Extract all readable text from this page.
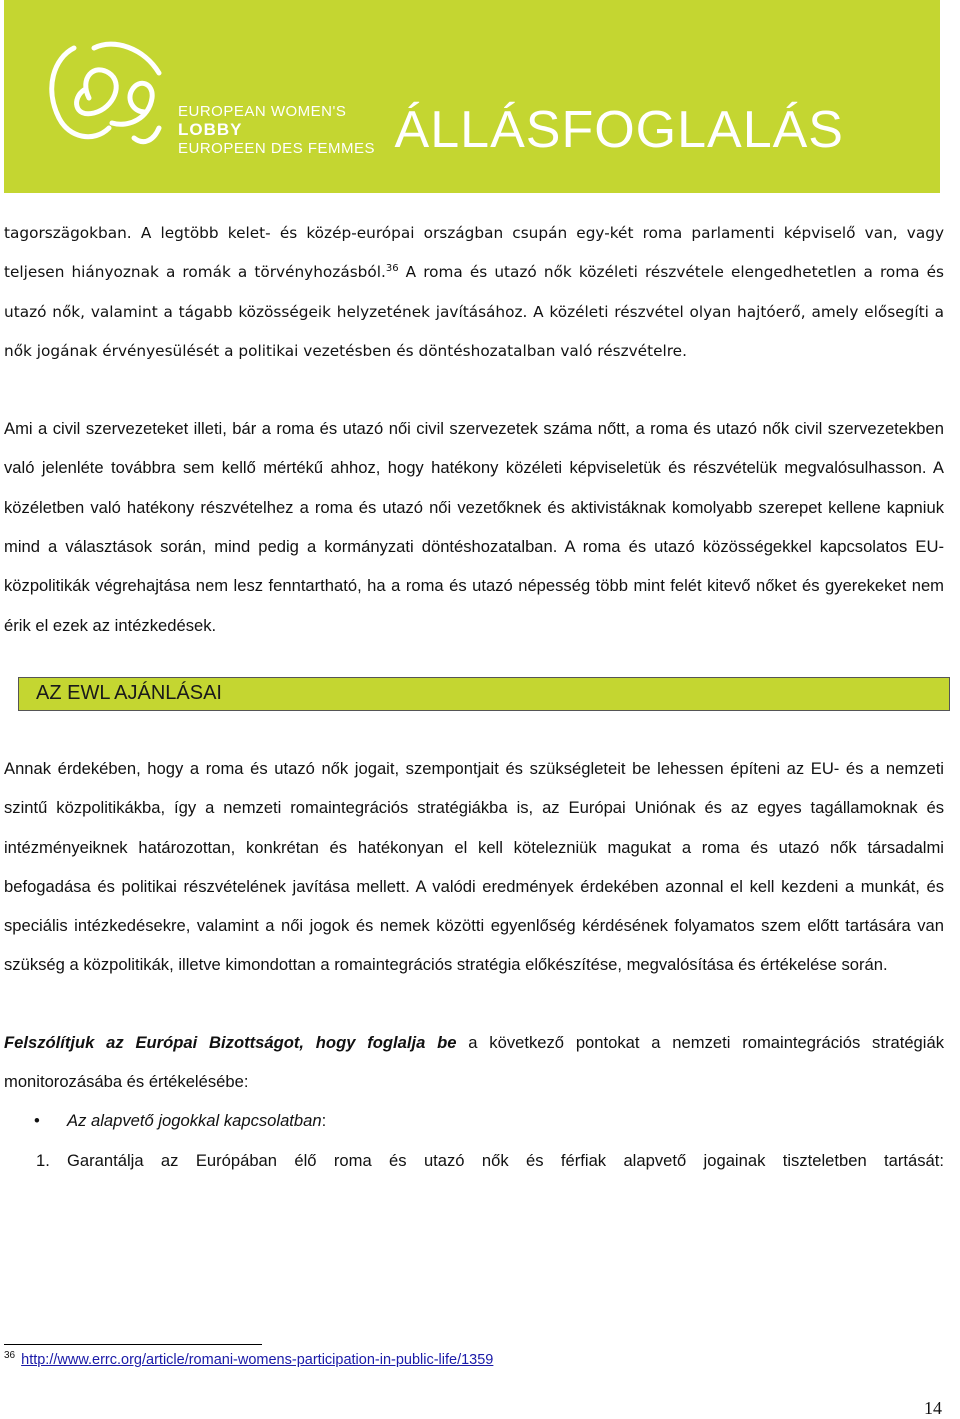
EUROPEAN WOMEN'S
LOBBY
EUROPEEN DES FEMMES ÁLLÁSFOGLALÁS

tagorszägokban. A legtöbb kelet- és közép-európai országban csupán egy-két roma parlamenti képviselő van, vagy teljesen hiányoznak a romák a törvényhozásból.$^{36}$ A roma és utazó nők közéleti részvétele elengedhetetlen a roma és utazó nők, valamint a tágabb közösségeik helyzetének javításához. A közéleti részvétel olyan hajtóerő, amely elősegíti a nők jogának érvényesülését a politikai vezetésben és döntéshozatalban való részvételre.

Ami a civil szervezeteket illeti, bár a roma és utazó női civil szervezetek száma nőtt, a roma és utazó nők civil szervezetekben való jelenléte továbbra sem kellő mértékű ahhoz, hogy hatékony közéleti képviseletük és részvételük megvalósulhasson. A közéletben való hatékony részvételhez a roma és utazó női vezetőknek és aktivistáknak komolyabb szerepet kellene kapniuk mind a választások során, mind pedig a kormányzati döntéshozatalban. A roma és utazó közösségekkel kapcsolatos EU-közpolitikák végrehajtása nem lesz fenntartható, ha a roma és utazó népesség több mint felét kitevő nőket és gyerekeket nem érik el ezek az intézkedések.

AZ EWL AJÁNLÁSAI

Annak érdekében, hogy a roma és utazó nők jogait, szempontjait és szükségleteit be lehessen építeni az EU- és a nemzeti szintű közpolitikákba, így a nemzeti romaintegrációs stratégiákba is, az Európai Uniónak és az egyes tagállamoknak és intézményeiknek határozottan, konkrétan és hatékonyan el kell kötelezniük magukat a roma és utazó nők társadalmi befogadása és politikai részvételének javítása mellett. A valódi eredmények érdekében azonnal el kell kezdeni a munkát, és speciális intézkedésekre, valamint a női jogok és nemek közötti egyenlőség kérdésének folyamatos szem előtt tartására van szükség a közpolitikák, illetve kimondottan a romaintegrációs stratégia előkészítése, megvalósítása és értékelése során.

Felszólítjuk az Európai Bizottságot, hogy foglalja be a következő pontokat a nemzeti romaintegrációs stratégiák monitorozásába és értékelésébe:

•	Az alapvető jogokkal kapcsolatban:
1.	Garantálja az Európában élő roma és utazó nők és férfiak alapvető jogainak tiszteletben tartását:
$^{36}$ http://www.errc.org/article/romani-womens-participation-in-public-life/1359
14
